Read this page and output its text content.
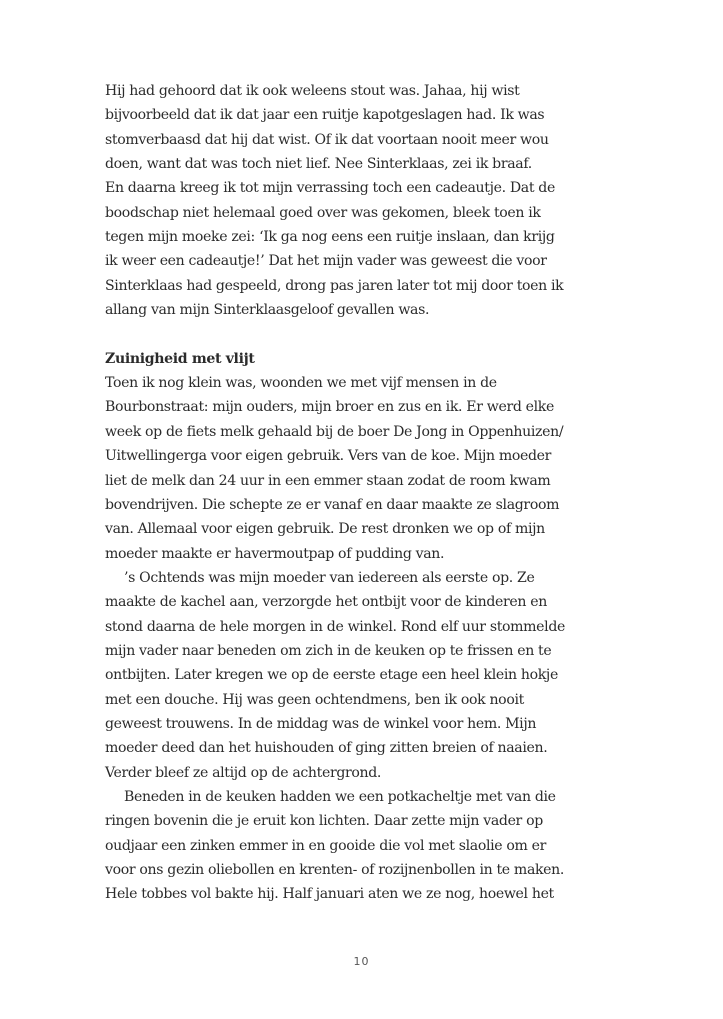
Hij had gehoord dat ik ook weleens stout was. Jahaa, hij wist
bijvoorbeeld dat ik dat jaar een ruitje kapotgeslagen had. Ik was
stomverbaasd dat hij dat wist. Of ik dat voortaan nooit meer wou
doen, want dat was toch niet lief. Nee Sinterklaas, zei ik braaf.
En daarna kreeg ik tot mijn verrassing toch een cadeautje. Dat de
boodschap niet helemaal goed over was gekomen, bleek toen ik
tegen mijn moeke zei: ‘Ik ga nog eens een ruitje inslaan, dan krijg
ik weer een cadeautje!’ Dat het mijn vader was geweest die voor
Sinterklaas had gespeeld, drong pas jaren later tot mij door toen ik
allang van mijn Sinterklaasgeloof gevallen was.
Zuinigheid met vlijt
Toen ik nog klein was, woonden we met vijf mensen in de
Bourbonstraat: mijn ouders, mijn broer en zus en ik. Er werd elke
week op de fiets melk gehaald bij de boer De Jong in Oppenhuizen/
Uitwellingerga voor eigen gebruik. Vers van de koe. Mijn moeder
liet de melk dan 24 uur in een emmer staan zodat de room kwam
bovendrijven. Die schepte ze er vanaf en daar maakte ze slagroom
van. Allemaal voor eigen gebruik. De rest dronken we op of mijn
moeder maakte er havermoutpap of pudding van.
’s Ochtends was mijn moeder van iedereen als eerste op. Ze
maakte de kachel aan, verzorgde het ontbijt voor de kinderen en
stond daarna de hele morgen in de winkel. Rond elf uur stommelde
mijn vader naar beneden om zich in de keuken op te frissen en te
ontbijten. Later kregen we op de eerste etage een heel klein hokje
met een douche. Hij was geen ochtendmens, ben ik ook nooit
geweest trouwens. In de middag was de winkel voor hem. Mijn
moeder deed dan het huishouden of ging zitten breien of naaien.
Verder bleef ze altijd op de achtergrond.
Beneden in de keuken hadden we een potkacheltje met van die
ringen bovenin die je eruit kon lichten. Daar zette mijn vader op
oudjaar een zinken emmer in en gooide die vol met slaolie om er
voor ons gezin oliebollen en krenten- of rozijnenbollen in te maken.
Hele tobbes vol bakte hij. Half januari aten we ze nog, hoewel het
10
